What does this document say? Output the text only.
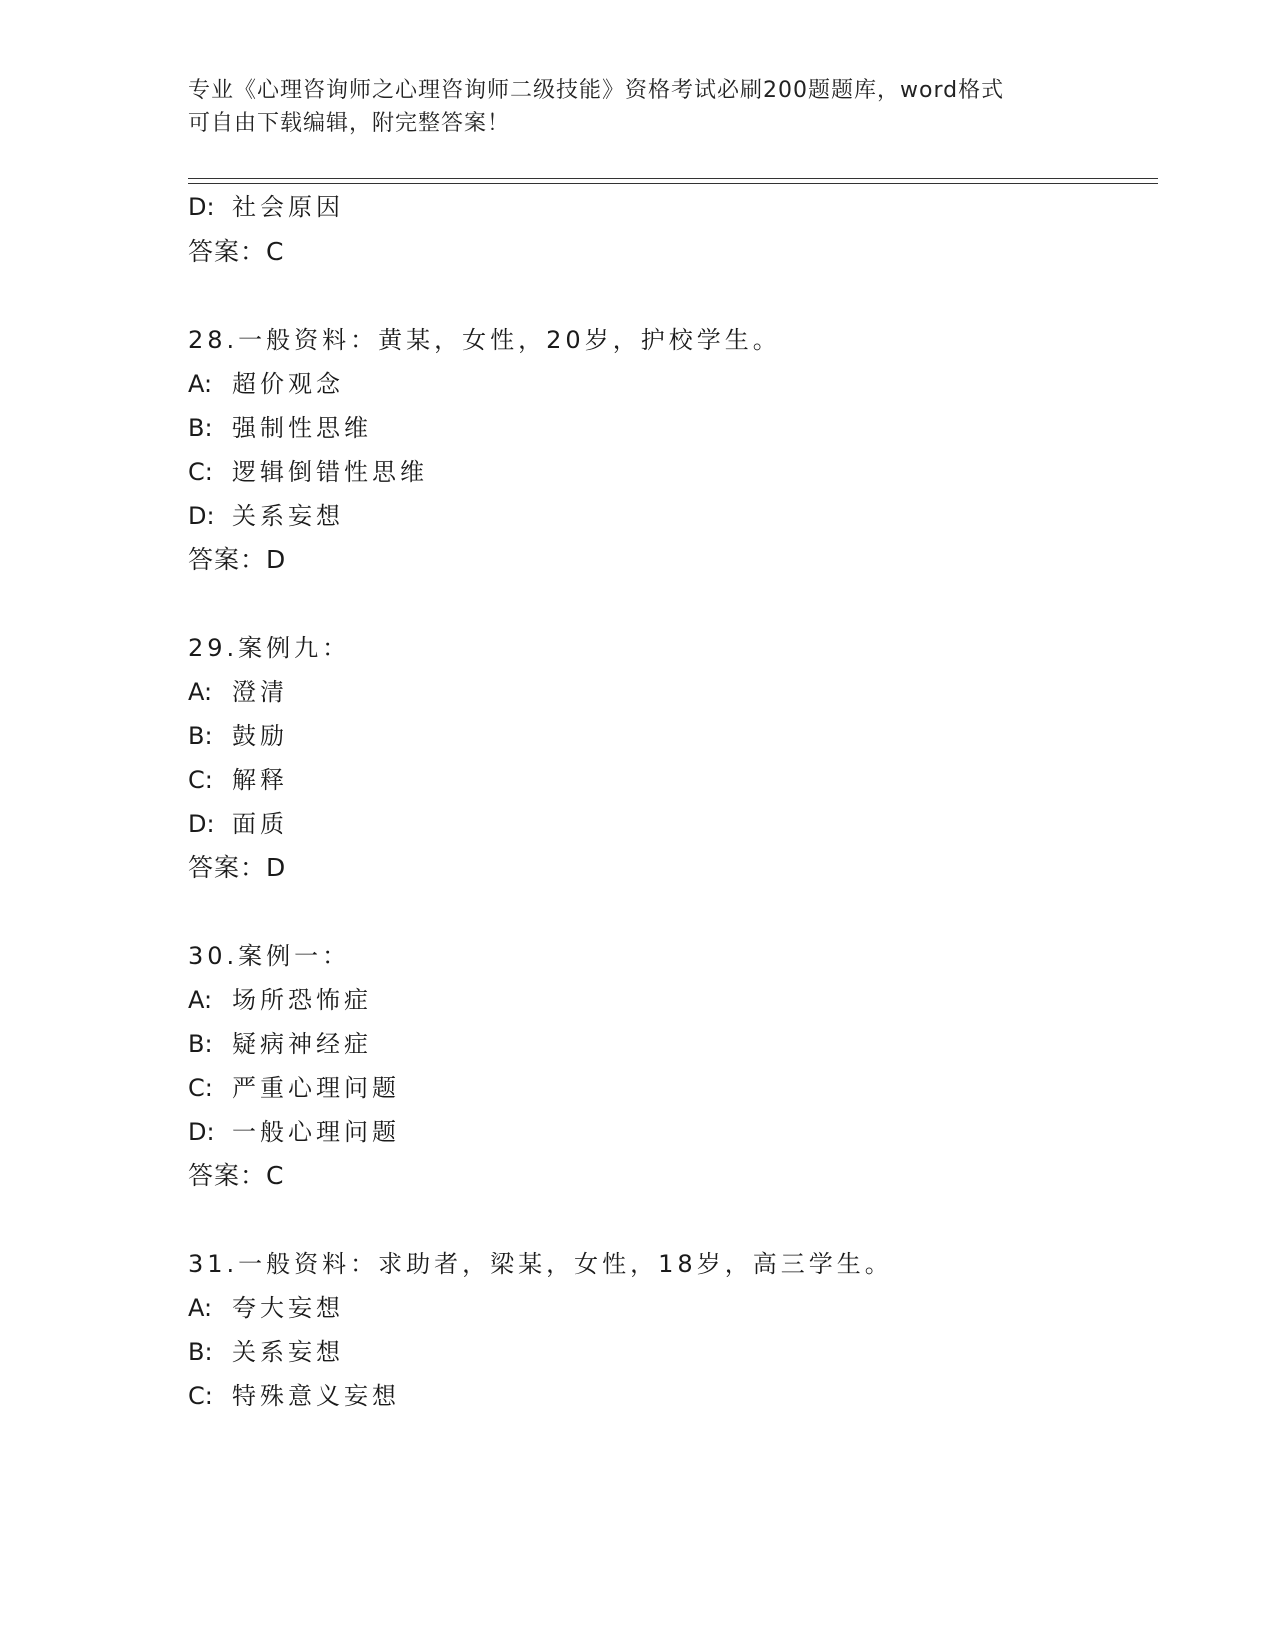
专业《心理咨询师之心理咨询师二级技能》资格考试必刷200题题库，word格式
可自由下载编辑，附完整答案！
D: 社会原因
答案：C
28.一般资料：黄某，女性，20岁，护校学生。
A: 超价观念
B: 强制性思维
C: 逻辑倒错性思维
D: 关系妄想
答案：D
29.案例九：
A: 澄清
B: 鼓励
C: 解释
D: 面质
答案：D
30.案例一：
A: 场所恐怖症
B: 疑病神经症
C: 严重心理问题
D: 一般心理问题
答案：C
31.一般资料：求助者，梁某，女性，18岁，高三学生。
A: 夸大妄想
B: 关系妄想
C: 特殊意义妄想
